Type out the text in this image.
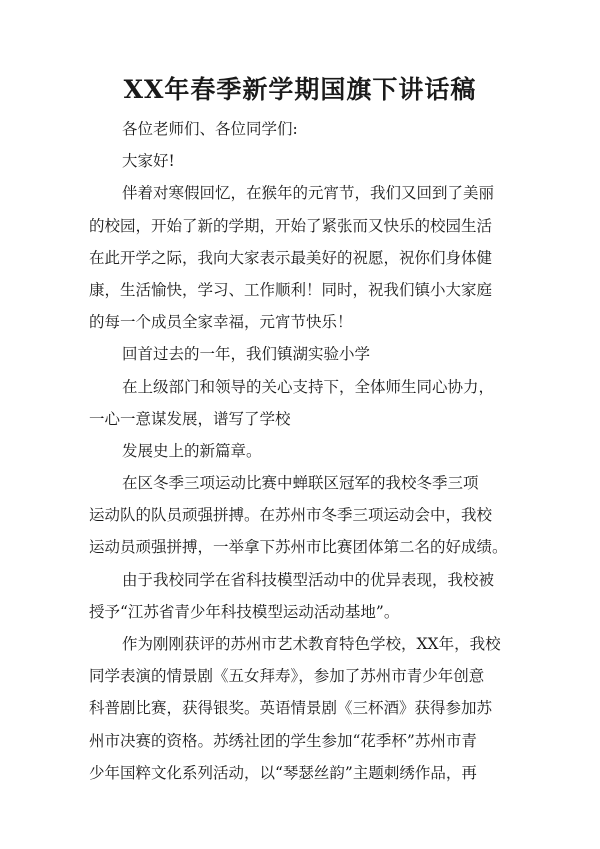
XX年春季新学期国旗下讲话稿
各位老师们、各位同学们:
大家好!
伴着对寒假回忆，在猴年的元宵节，我们又回到了美丽
的校园，开始了新的学期，开始了紧张而又快乐的校园生活
在此开学之际，我向大家表示最美好的祝愿，祝你们身体健
康，生活愉快，学习、工作顺利！同时，祝我们镇小大家庭
的每一个成员全家幸福，元宵节快乐！
回首过去的一年，我们镇湖实验小学
在上级部门和领导的关心支持下，全体师生同心协力，
一心一意谋发展，谱写了学校
发展史上的新篇章。
在区冬季三项运动比赛中蝉联区冠军的我校冬季三项
运动队的队员顽强拼搏。在苏州市冬季三项运动会中，我校
运动员顽强拼搏，一举拿下苏州市比赛团体第二名的好成绩。
由于我校同学在省科技模型活动中的优异表现，我校被
授予“江苏省青少年科技模型运动活动基地”。
作为刚刚获评的苏州市艺术教育特色学校，XX年，我校
同学表演的情景剧《五女拜寿》，参加了苏州市青少年创意
科普剧比赛，获得银奖。英语情景剧《三杯酒》获得参加苏
州市决赛的资格。苏绣社团的学生参加“花季杯”苏州市青
少年国粹文化系列活动，以“琴瑟丝韵”主题刺绣作品，再
